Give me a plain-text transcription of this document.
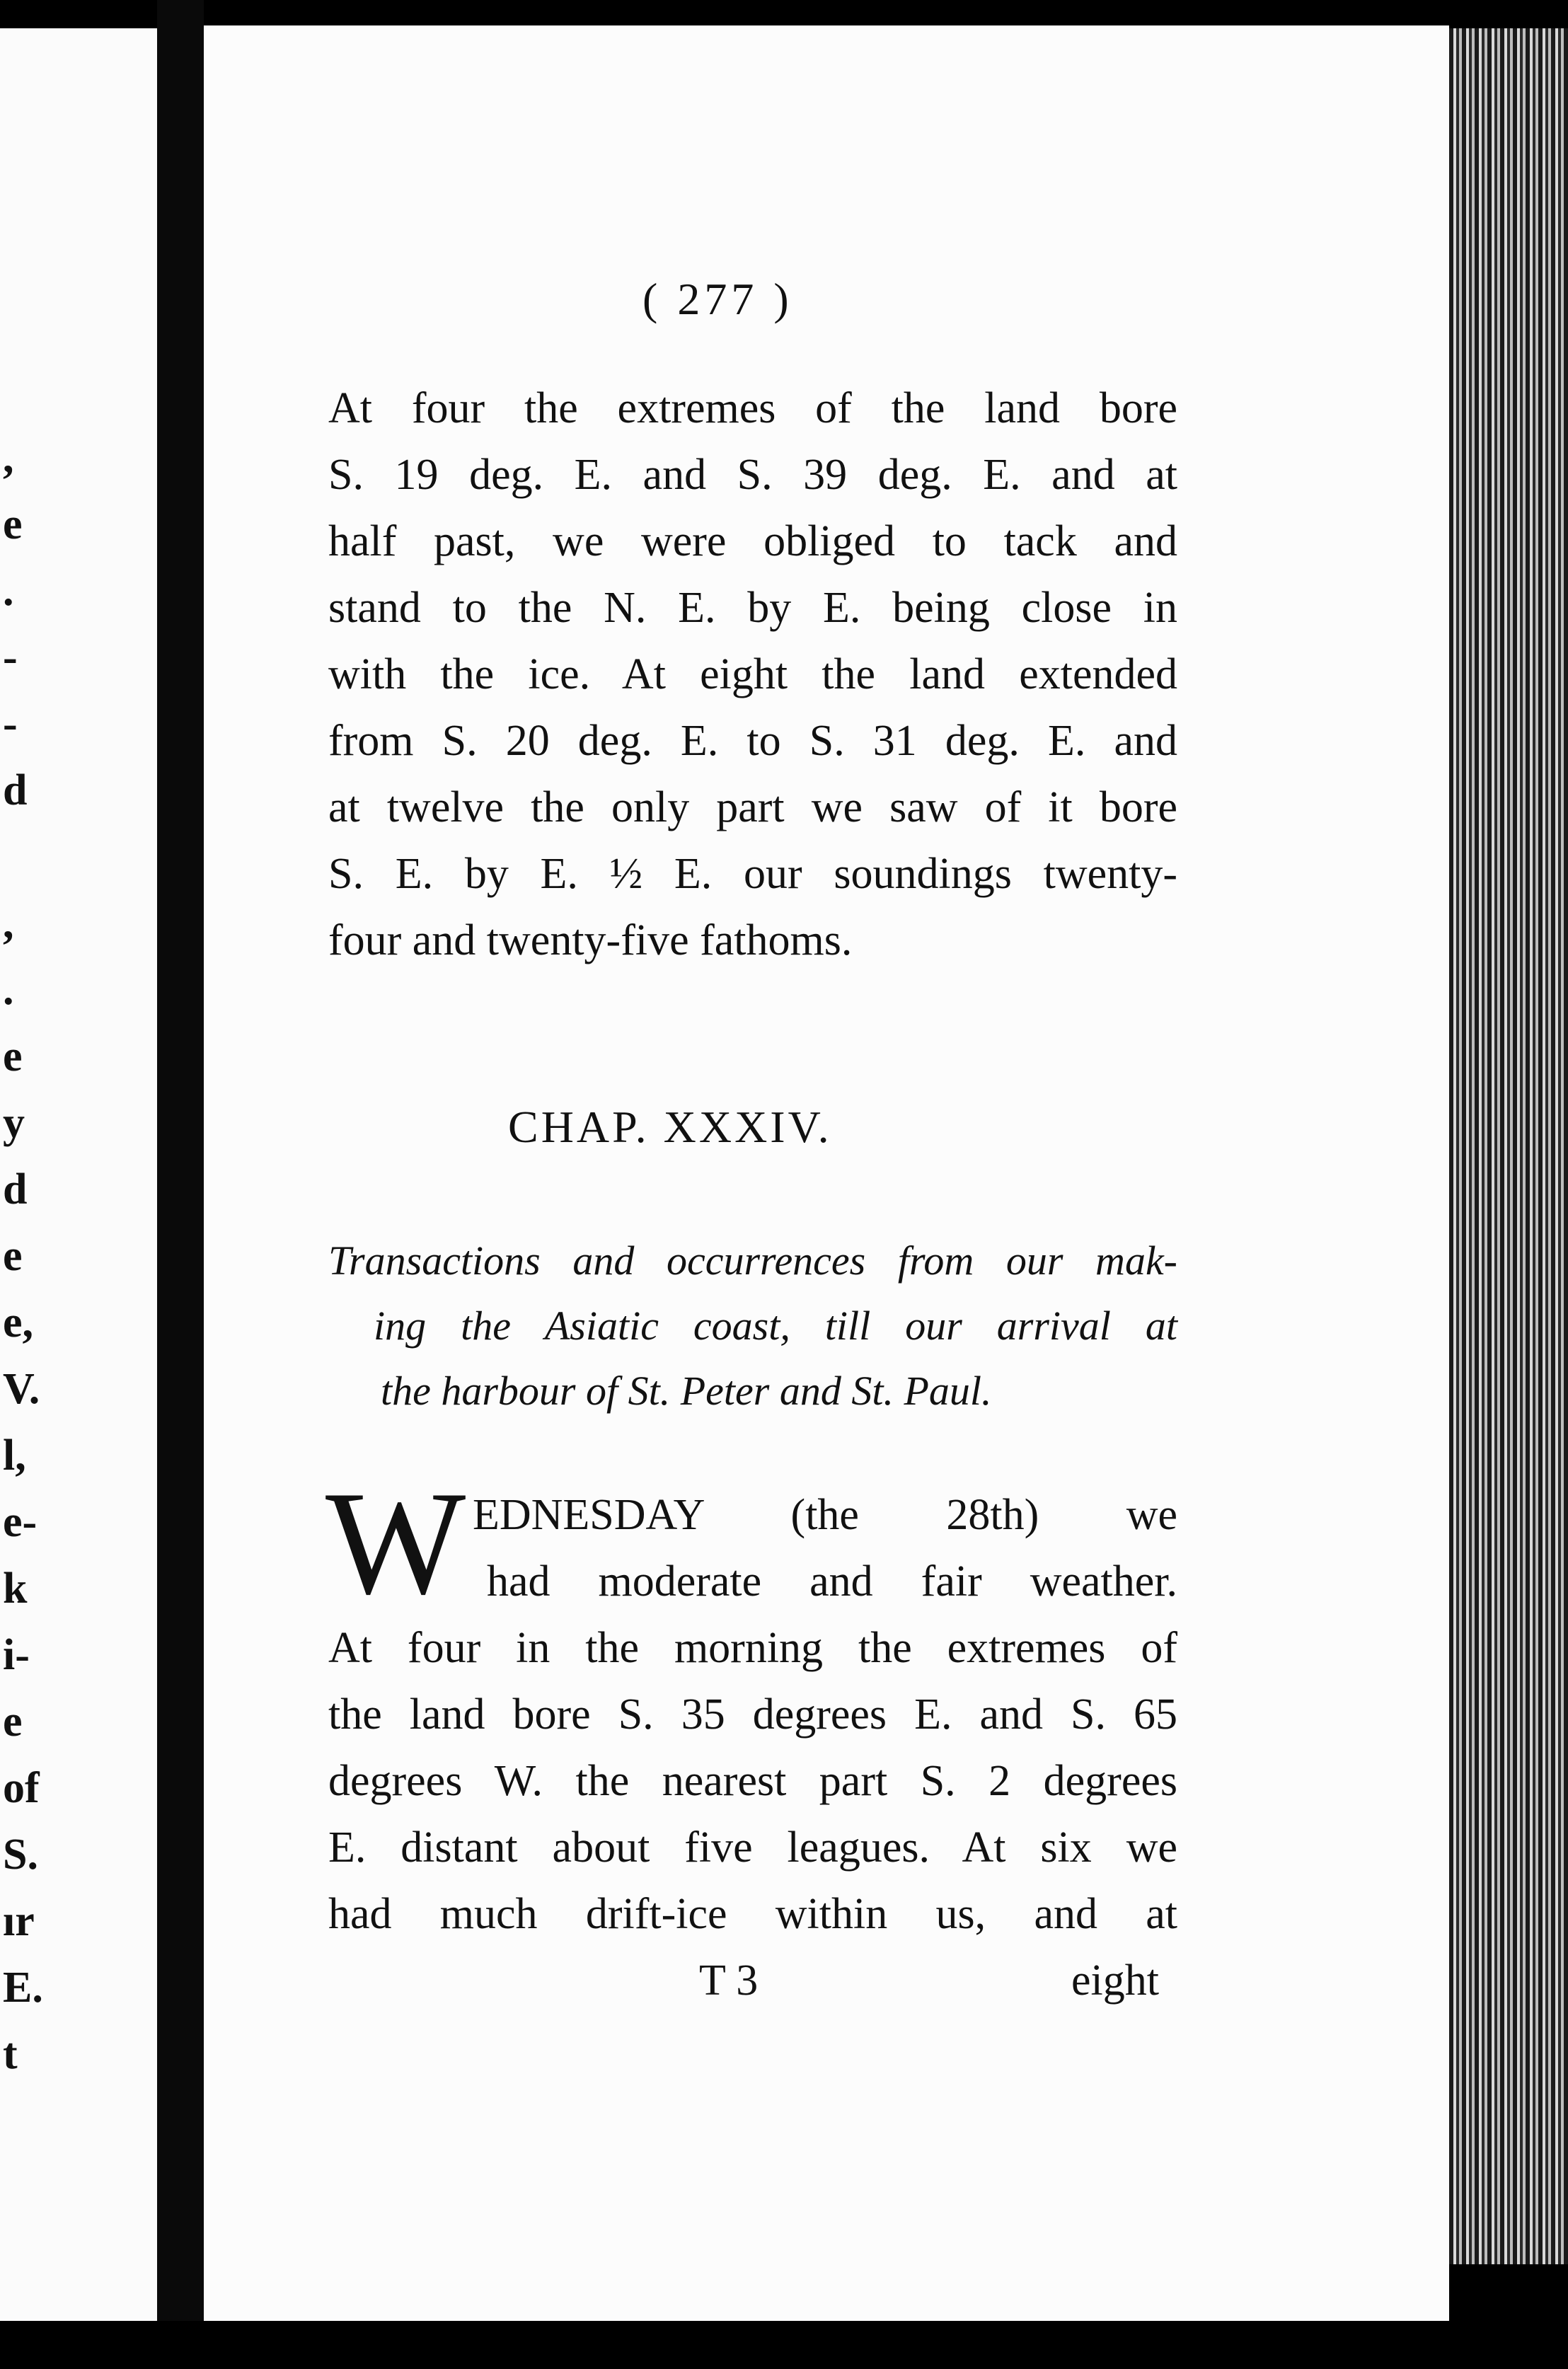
,
e
.
-
-
d

,
.
e
y
d
e
e,
V.
l,
e-
k
i-
e
of
S.
ır
E.
t
( 277 )
At four the extremes of the land bore
S. 19 deg. E. and S. 39 deg. E. and at
half past, we were obliged to tack and
stand to the N. E. by E. being close in
with the ice. At eight the land extended
from S. 20 deg. E. to S. 31 deg. E. and
at twelve the only part we saw of it bore
S. E. by E. ½ E. our soundings twenty-
four and twenty-five fathoms.
CHAP. XXXIV.
Transactions and occurrences from our mak-
ing the Asiatic coast, till our arrival at
the harbour of St. Peter and St. Paul.
W EDNESDAY (the 28th) we
had moderate and fair weather.
At four in the morning the extremes of
the land bore S. 35 degrees E. and S. 65
degrees W. the nearest part S. 2 degrees
E. distant about five leagues. At six we
had much drift-ice within us, and at
T 3	eight
